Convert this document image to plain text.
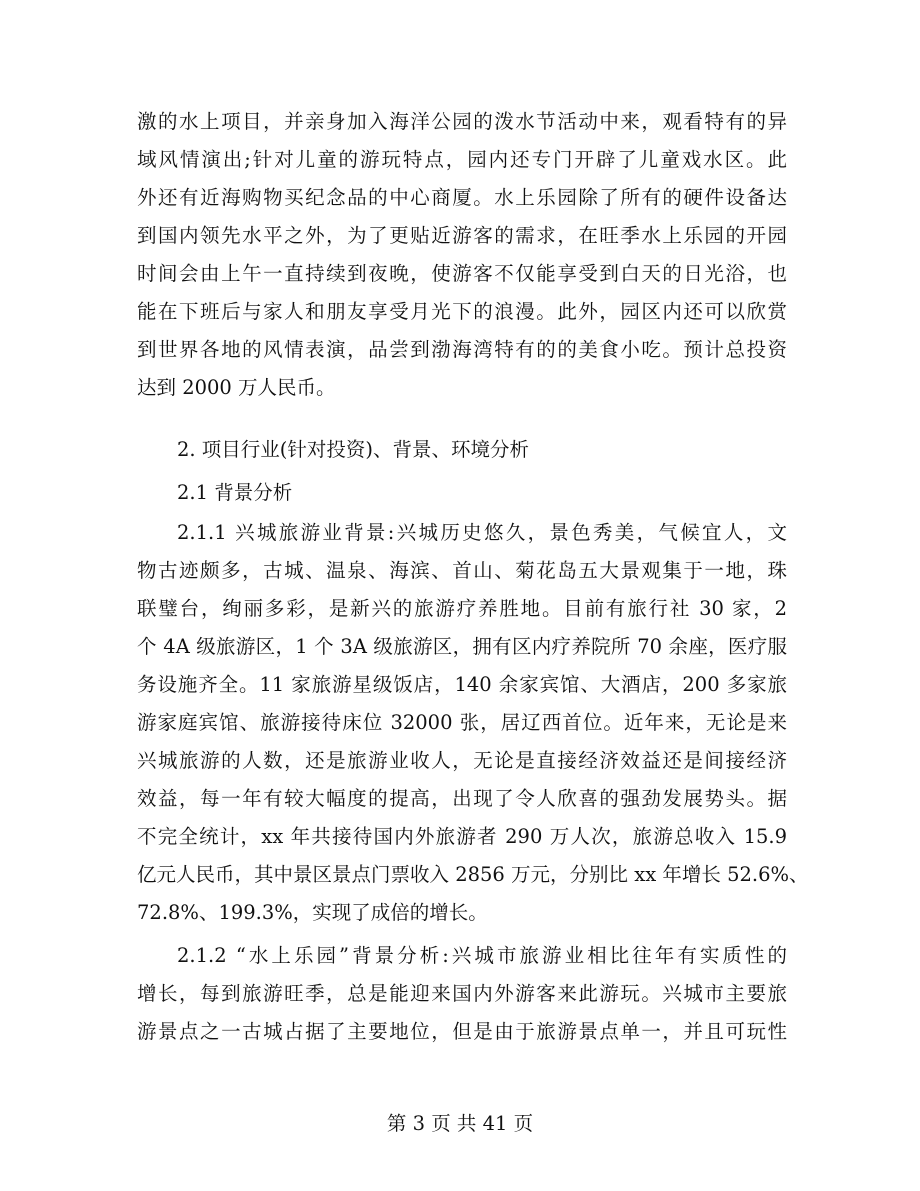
激的水上项目，并亲身加入海洋公园的泼水节活动中来，观看特有的异
域风情演出;针对儿童的游玩特点，园内还专门开辟了儿童戏水区。此
外还有近海购物买纪念品的中心商厦。水上乐园除了所有的硬件设备达
到国内领先水平之外，为了更贴近游客的需求，在旺季水上乐园的开园
时间会由上午一直持续到夜晚，使游客不仅能享受到白天的日光浴，也
能在下班后与家人和朋友享受月光下的浪漫。此外，园区内还可以欣赏
到世界各地的风情表演，品尝到渤海湾特有的的美食小吃。预计总投资
达到 2000 万人民币。
2. 项目行业(针对投资)、背景、环境分析
2.1 背景分析
2.1.1 兴城旅游业背景:兴城历史悠久，景色秀美，气候宜人，文
物古迹颇多，古城、温泉、海滨、首山、菊花岛五大景观集于一地，珠
联璧台，绚丽多彩，是新兴的旅游疗养胜地。目前有旅行社 30 家，2
个 4A 级旅游区，1 个 3A 级旅游区，拥有区内疗养院所 70 余座，医疗服
务设施齐全。11 家旅游星级饭店，140 余家宾馆、大酒店，200 多家旅
游家庭宾馆、旅游接待床位 32000 张，居辽西首位。近年来，无论是来
兴城旅游的人数，还是旅游业收人，无论是直接经济效益还是间接经济
效益，每一年有较大幅度的提高，出现了令人欣喜的强劲发展势头。据
不完全统计，xx 年共接待国内外旅游者 290 万人次，旅游总收入 15.9
亿元人民币，其中景区景点门票收入 2856 万元，分别比 xx 年增长 52.6%、
72.8%、199.3%，实现了成倍的增长。
2.1.2 “水上乐园”背景分析:兴城市旅游业相比往年有实质性的
增长，每到旅游旺季，总是能迎来国内外游客来此游玩。兴城市主要旅
游景点之一古城占据了主要地位，但是由于旅游景点单一，并且可玩性
第 3 页 共 41 页
